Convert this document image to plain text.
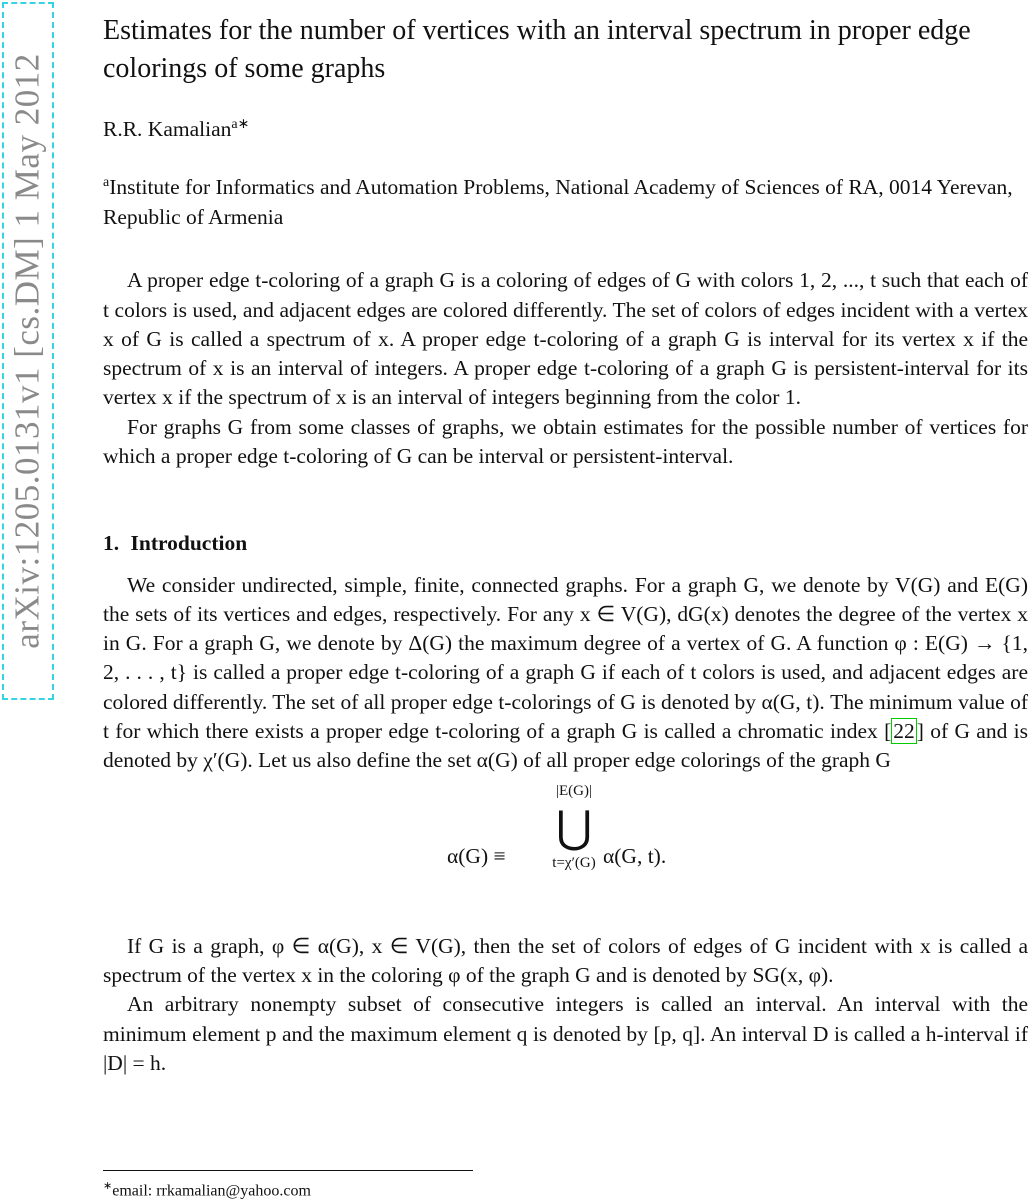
arXiv:1205.0131v1 [cs.DM] 1 May 2012
Estimates for the number of vertices with an interval spectrum in proper edge colorings of some graphs
R.R. Kamalian$^{a∗}$
$^a$Institute for Informatics and Automation Problems, National Academy of Sciences of RA, 0014 Yerevan, Republic of Armenia

A proper edge t-coloring of a graph G is a coloring of edges of G with colors 1, 2, ..., t such that each of t colors is used, and adjacent edges are colored differently. The set of colors of edges incident with a vertex x of G is called a spectrum of x. A proper edge t-coloring of a graph G is interval for its vertex x if the spectrum of x is an interval of integers. A proper edge t-coloring of a graph G is persistent-interval for its vertex x if the spectrum of x is an interval of integers beginning from the color 1.

For graphs G from some classes of graphs, we obtain estimates for the possible number of vertices for which a proper edge t-coloring of G can be interval or persistent-interval.

1. Introduction

We consider undirected, simple, finite, connected graphs. For a graph G, we denote by V(G) and E(G) the sets of its vertices and edges, respectively. For any x ∈ V(G), dG(x) denotes the degree of the vertex x in G. For a graph G, we denote by Δ(G) the maximum degree of a vertex of G. A function φ : E(G) → {1, 2, . . . , t} is called a proper edge t-coloring of a graph G if each of t colors is used, and adjacent edges are colored differently. The set of all proper edge t-colorings of G is denoted by α(G, t). The minimum value of t for which there exists a proper edge t-coloring of a graph G is called a chromatic index [22] of G and is denoted by χ′(G). Let us also define the set α(G) of all proper edge colorings of the graph G

α(G) ≡
|E(G)|
⋃
t=χ′(G) α(G, t).

If G is a graph, φ ∈ α(G), x ∈ V(G), then the set of colors of edges of G incident with x is called a spectrum of the vertex x in the coloring φ of the graph G and is denoted by SG(x, φ).

An arbitrary nonempty subset of consecutive integers is called an interval. An interval with the minimum element p and the maximum element q is denoted by [p, q]. An interval D is called a h-interval if |D| = h.

∗email: rrkamalian@yahoo.com
